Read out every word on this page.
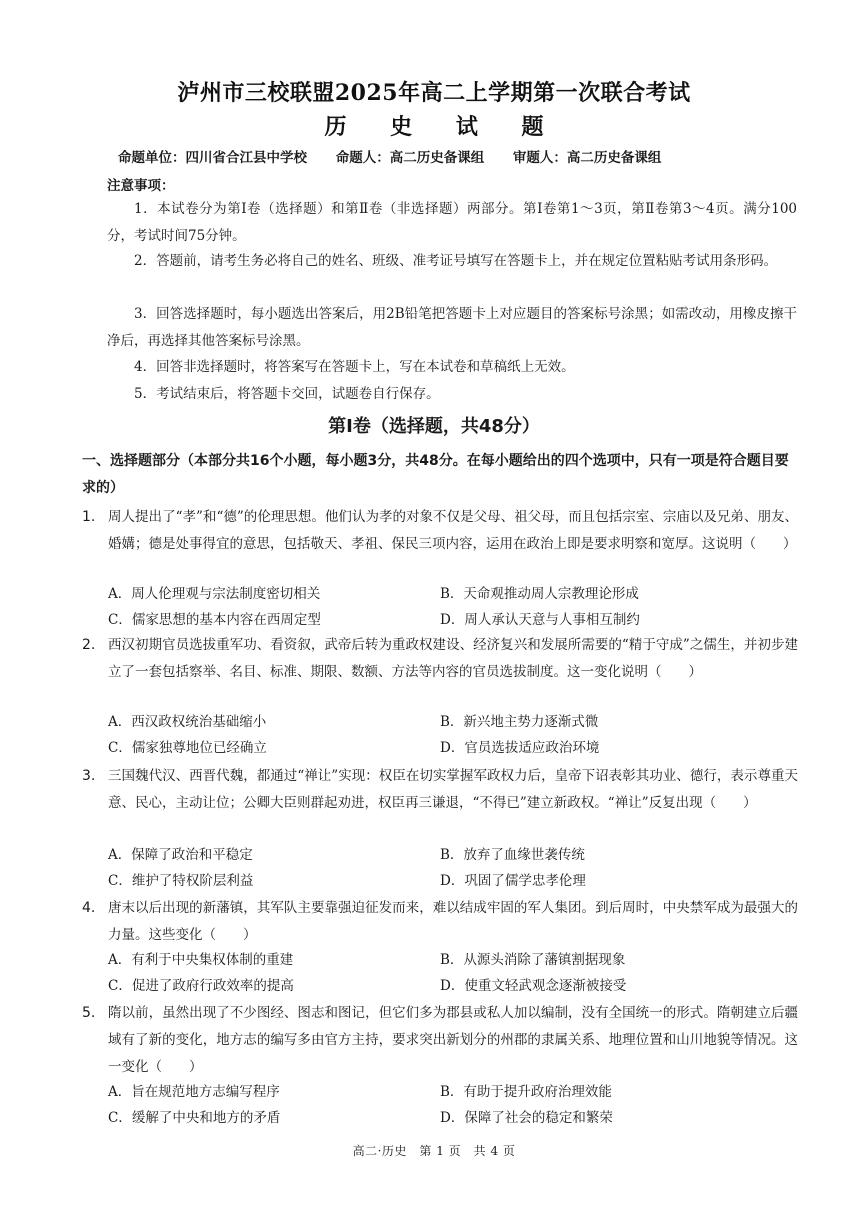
泸州市三校联盟2025年高二上学期第一次联合考试
历 史 试 题
命题单位：四川省合江县中学校 命题人：高二历史备课组 审题人：高二历史备课组
注意事项：
1．本试卷分为第Ⅰ卷（选择题）和第Ⅱ卷（非选择题）两部分。第Ⅰ卷第1～3页，第Ⅱ卷第3～4页。满分100分，考试时间75分钟。
2．答题前，请考生务必将自己的姓名、班级、准考证号填写在答题卡上，并在规定位置粘贴考试用条形码。
3．回答选择题时，每小题选出答案后，用2B铅笔把答题卡上对应题目的答案标号涂黑；如需改动，用橡皮擦干净后，再选择其他答案标号涂黑。
4．回答非选择题时，将答案写在答题卡上，写在本试卷和草稿纸上无效。
5．考试结束后，将答题卡交回，试题卷自行保存。
第Ⅰ卷（选择题，共48分）
一、选择题部分（本部分共16个小题，每小题3分，共48分。在每小题给出的四个选项中，只有一项是符合题目要求的）
1. 周人提出了“孝”和“德”的伦理思想。他们认为孝的对象不仅是父母、祖父母，而且包括宗室、宗庙以及兄弟、朋友、婚媾；德是处事得宜的意思，包括敬天、孝祖、保民三项内容，运用在政治上即是要求明察和宽厚。这说明（　　）
A．周人伦理观与宗法制度密切相关	B．天命观推动周人宗教理论形成
C．儒家思想的基本内容在西周定型	D．周人承认天意与人事相互制约
2. 西汉初期官员选拔重军功、看资叙，武帝后转为重政权建设、经济复兴和发展所需要的“精于守成”之儒生，并初步建立了一套包括察举、名目、标准、期限、数额、方法等内容的官员选拔制度。这一变化说明（　　）
A．西汉政权统治基础缩小	B．新兴地主势力逐渐式微
C．儒家独尊地位已经确立	D．官员选拔适应政治环境
3. 三国魏代汉、西晋代魏，都通过“禅让”实现：权臣在切实掌握军政权力后，皇帝下诏表彰其功业、德行，表示尊重天意、民心，主动让位；公卿大臣则群起劝进，权臣再三谦退，“不得已”建立新政权。“禅让”反复出现（　　）
A．保障了政治和平稳定	B．放弃了血缘世袭传统
C．维护了特权阶层利益	D．巩固了儒学忠孝伦理
4. 唐末以后出现的新藩镇，其军队主要靠强迫征发而来，难以结成牢固的军人集团。到后周时，中央禁军成为最强大的力量。这些变化（　　）
A．有利于中央集权体制的重建	B．从源头消除了藩镇割据现象
C．促进了政府行政效率的提高	D．使重文轻武观念逐渐被接受
5. 隋以前，虽然出现了不少图经、图志和图记，但它们多为郡县或私人加以编制，没有全国统一的形式。隋朝建立后疆域有了新的变化，地方志的编写多由官方主持，要求突出新划分的州郡的隶属关系、地理位置和山川地貌等情况。这一变化（　　）
A．旨在规范地方志编写程序	B．有助于提升政府治理效能
C．缓解了中央和地方的矛盾	D．保障了社会的稳定和繁荣
高二·历史　第 1 页　共 4 页
